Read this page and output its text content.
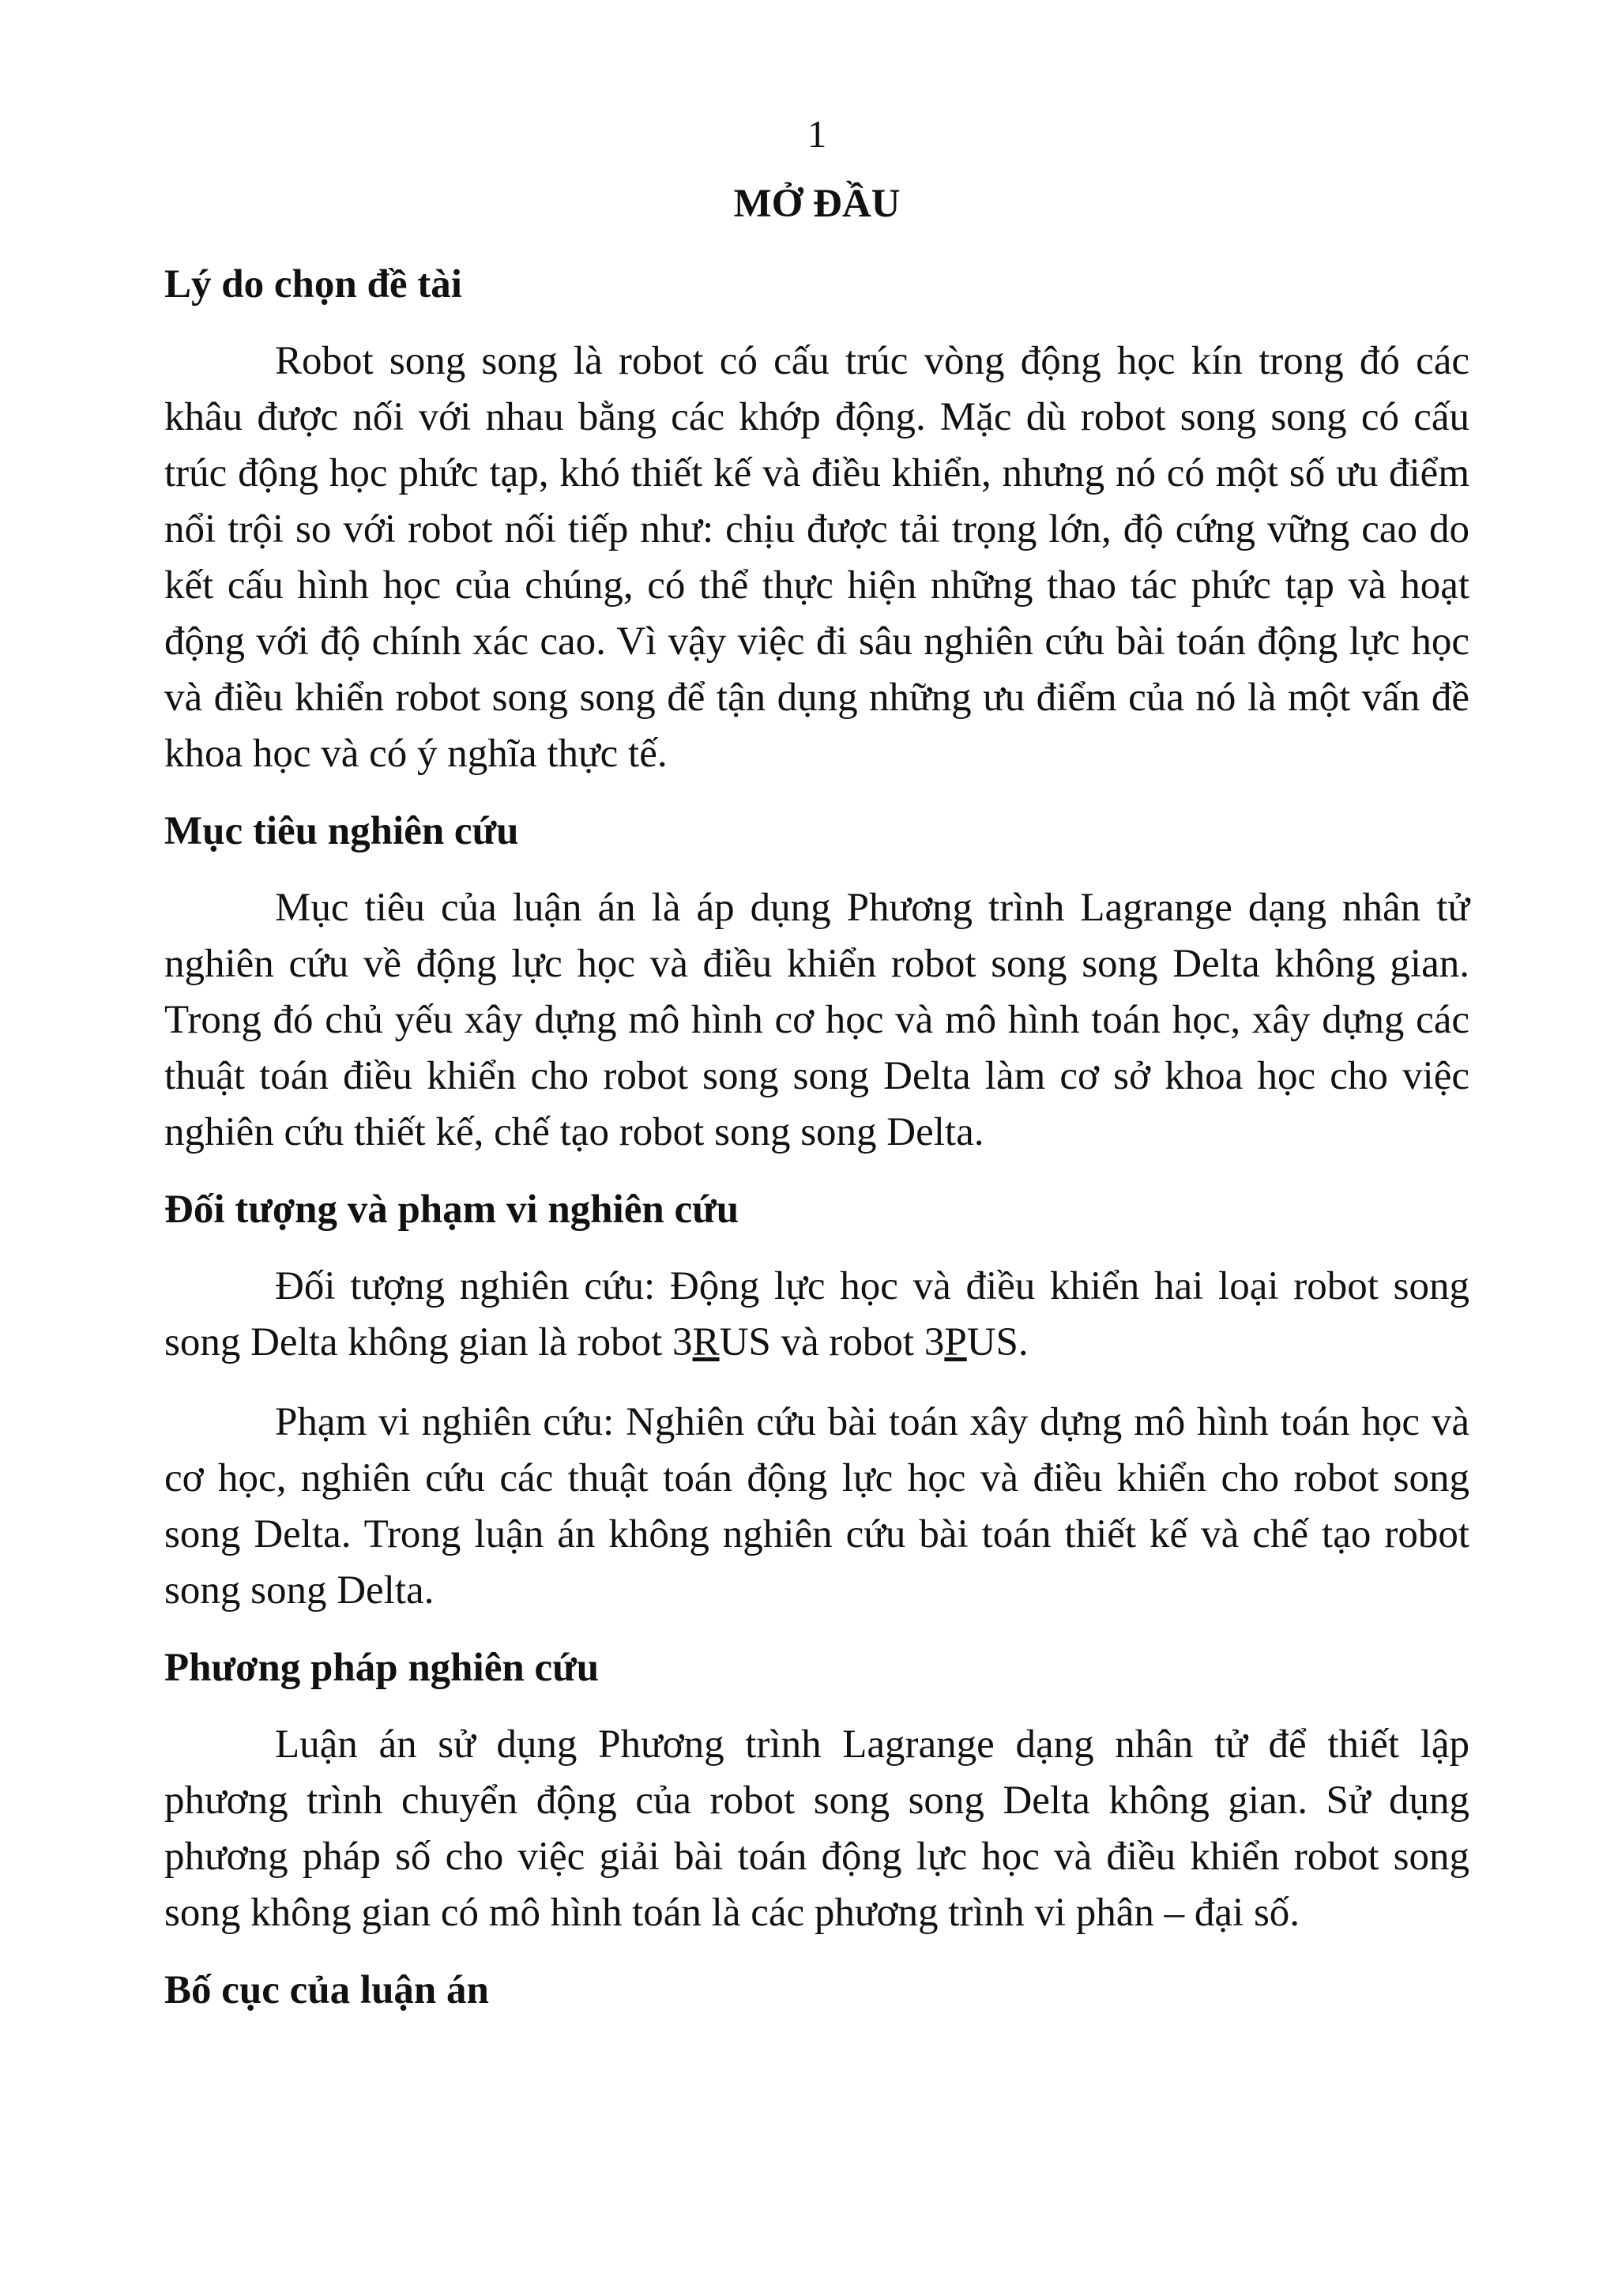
1
MỞ ĐẦU
Lý do chọn đề tài

Robot song song là robot có cấu trúc vòng động học kín trong đó các khâu được nối với nhau bằng các khớp động. Mặc dù robot song song có cấu trúc động học phức tạp, khó thiết kế và điều khiển, nhưng nó có một số ưu điểm nổi trội so với robot nối tiếp như: chịu được tải trọng lớn, độ cứng vững cao do kết cấu hình học của chúng, có thể thực hiện những thao tác phức tạp và hoạt động với độ chính xác cao. Vì vậy việc đi sâu nghiên cứu bài toán động lực học và điều khiển robot song song để tận dụng những ưu điểm của nó là một vấn đề khoa học và có ý nghĩa thực tế.

Mục tiêu nghiên cứu

Mục tiêu của luận án là áp dụng Phương trình Lagrange dạng nhân tử nghiên cứu về động lực học và điều khiển robot song song Delta không gian. Trong đó chủ yếu xây dựng mô hình cơ học và mô hình toán học, xây dựng các thuật toán điều khiển cho robot song song Delta làm cơ sở khoa học cho việc nghiên cứu thiết kế, chế tạo robot song song Delta.

Đối tượng và phạm vi nghiên cứu

Đối tượng nghiên cứu: Động lực học và điều khiển hai loại robot song song Delta không gian là robot 3RUS và robot 3PUS.

Phạm vi nghiên cứu: Nghiên cứu bài toán xây dựng mô hình toán học và cơ học, nghiên cứu các thuật toán động lực học và điều khiển cho robot song song Delta. Trong luận án không nghiên cứu bài toán thiết kế và chế tạo robot song song Delta.

Phương pháp nghiên cứu

Luận án sử dụng Phương trình Lagrange dạng nhân tử để thiết lập phương trình chuyển động của robot song song Delta không gian. Sử dụng phương pháp số cho việc giải bài toán động lực học và điều khiển robot song song không gian có mô hình toán là các phương trình vi phân – đại số.

Bố cục của luận án
